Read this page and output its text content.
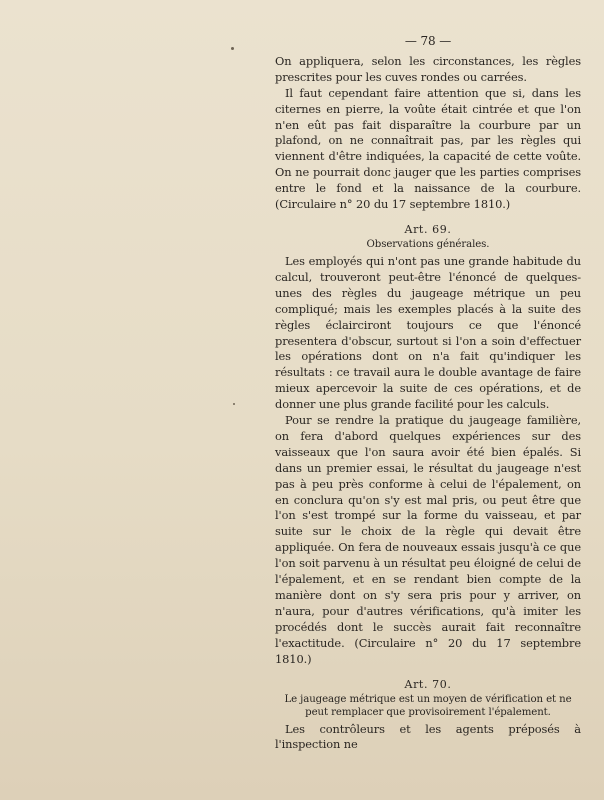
— 78 —

On appliquera, selon les circonstances, les règles prescrites pour les cuves rondes ou carrées.

Il faut cependant faire attention que si, dans les citernes en pierre, la voûte était cintrée et que l'on n'en eût pas fait disparaître la courbure par un plafond, on ne connaîtrait pas, par les règles qui viennent d'être indiquées, la capacité de cette voûte. On ne pourrait donc jauger que les parties comprises entre le fond et la naissance de la courbure. (Circulaire n° 20 du 17 septembre 1810.)

Art. 69.
Observations générales.

Les employés qui n'ont pas une grande habitude du calcul, trouveront peut-être l'énoncé de quelques-unes des règles du jaugeage métrique un peu compliqué; mais les exemples placés à la suite des règles éclairciront toujours ce que l'énoncé presentera d'obscur, surtout si l'on a soin d'effectuer les opérations dont on n'a fait qu'indiquer les résultats : ce travail aura le double avantage de faire mieux apercevoir la suite de ces opérations, et de donner une plus grande facilité pour les calculs.

Pour se rendre la pratique du jaugeage familière, on fera d'abord quelques expériences sur des vaisseaux que l'on saura avoir été bien épalés. Si dans un premier essai, le résultat du jaugeage n'est pas à peu près conforme à celui de l'épalement, on en conclura qu'on s'y est mal pris, ou peut être que l'on s'est trompé sur la forme du vaisseau, et par suite sur le choix de la règle qui devait être appliquée. On fera de nouveaux essais jusqu'à ce que l'on soit parvenu à un résultat peu éloigné de celui de l'épalement, et en se rendant bien compte de la manière dont on s'y sera pris pour y arriver, on n'aura, pour d'autres vérifications, qu'à imiter les procédés dont le succès aurait fait reconnaître l'exactitude. (Circulaire n° 20 du 17 septembre 1810.)

Art. 70.
Le jaugeage métrique est un moyen de vérification et ne peut remplacer que provisoirement l'épalement.

Les contrôleurs et les agents préposés à l'inspection ne
